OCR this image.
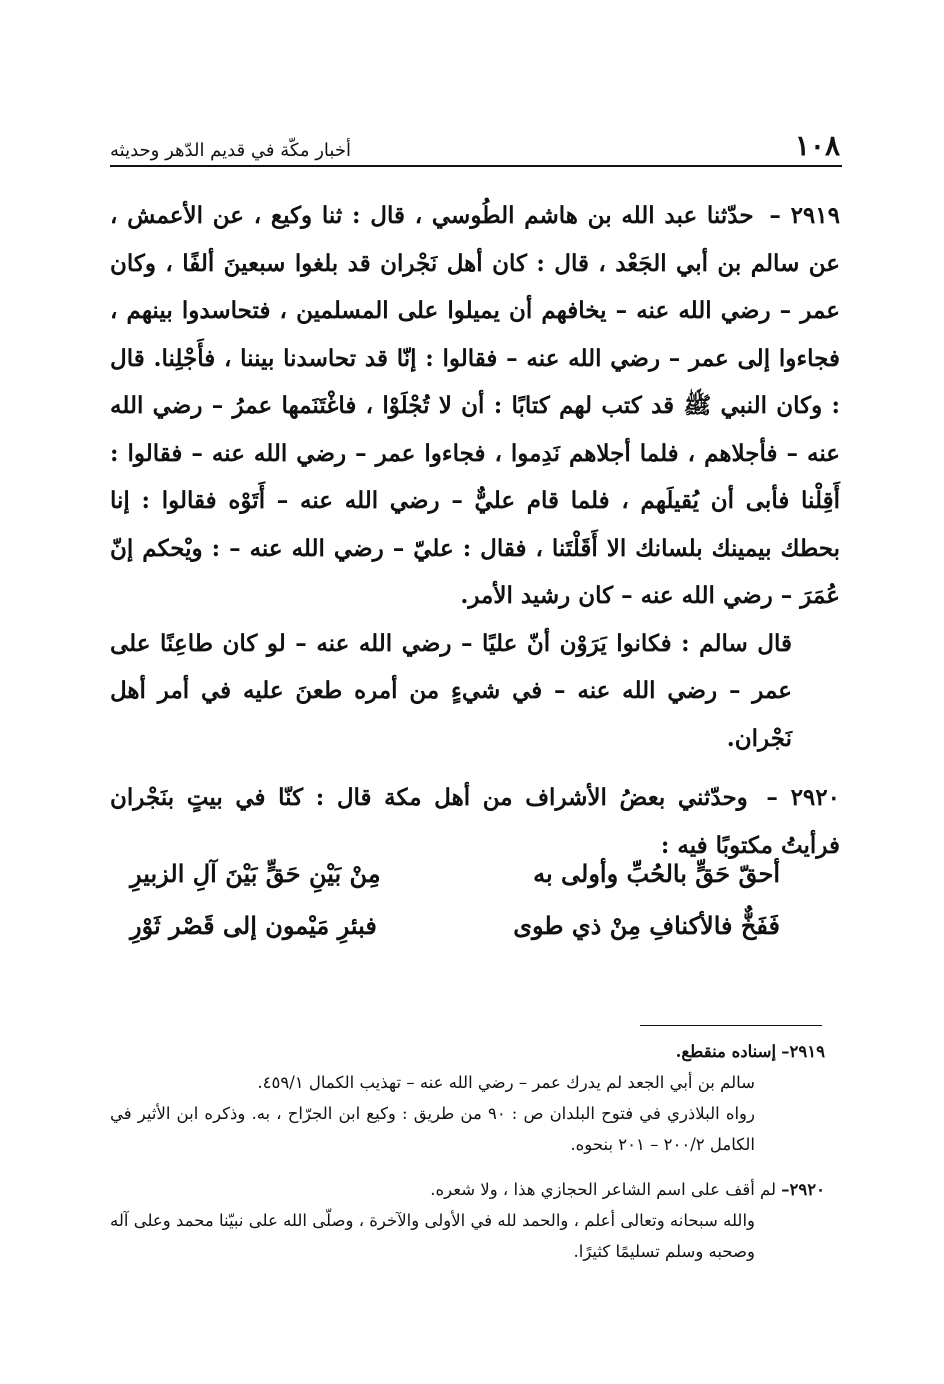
١٠٨
أخبار مكّة في قديم الدّهر وحديثه

٢٩١٩ – حدّثنا عبد الله بن هاشم الطُوسي ، قال : ثنا وكيع ، عن الأعمش ، عن سالم بن أبي الجَعْد ، قال : كان أهل نَجْران قد بلغوا سبعينَ ألفًا ، وكان عمر – رضي الله عنه – يخافهم أن يميلوا على المسلمين ، فتحاسدوا بينهم ، فجاءوا إلى عمر – رضي الله عنه – فقالوا : إنّا قد تحاسدنا بيننا ، فأَجْلِنا. قال : وكان النبي ﷺ قد كتب لهم كتابًا : أن لا تُجْلَوْا ، فاغْتَنَمها عمرُ – رضي الله عنه – فأجلاهم ، فلما أجلاهم نَدِموا ، فجاءوا عمر – رضي الله عنه – فقالوا : أَقِلْنا فأبى أن يُقيلَهم ، فلما قام عليٌّ – رضي الله عنه – أَتَوْه فقالوا : إنا بحطك بيمينك بلسانك الا أَقَلْتَنا ، فقال : عليّ – رضي الله عنه – : ويْحكم إنّ عُمَرَ – رضي الله عنه – كان رشيد الأمر.

قال سالم : فكانوا يَرَوْن أنّ عليًا – رضي الله عنه – لو كان طاعِنًا على عمر – رضي الله عنه – في شيءٍ من أمره طعنَ عليه في أمر أهل نَجْران.

٢٩٢٠ – وحدّثني بعضُ الأشراف من أهل مكة قال : كنّا في بيتٍ بنَجْران فرأيتُ مكتوبًا فيه :

أحقّ حَقٍّ بالحُبِّ وأولى به
مِنْ بَيْنِ حَقٍّ بَيْنَ آلِ الزبيرِ
فَفَخٌّ فالأكنافِ مِنْ ذي طوى
فبئرِ مَيْمون إلى قَصْر ثَوْرِ

٢٩١٩– إسناده منقطع.

سالم بن أبي الجعد لم يدرك عمر – رضي الله عنه – تهذيب الكمال ٤٥٩/١.

رواه البلاذري في فتوح البلدان ص : ٩٠ من طريق : وكيع ابن الجرّاح ، به. وذكره ابن الأثير في الكامل ٢٠٠/٢ – ٢٠١ بنحوه.

٢٩٢٠– لم أقف على اسم الشاعر الحجازي هذا ، ولا شعره.

والله سبحانه وتعالى أعلم ، والحمد لله في الأولى والآخرة ، وصلّى الله على نبيّنا محمد وعلى آله وصحبه وسلم تسليمًا كثيرًا.
